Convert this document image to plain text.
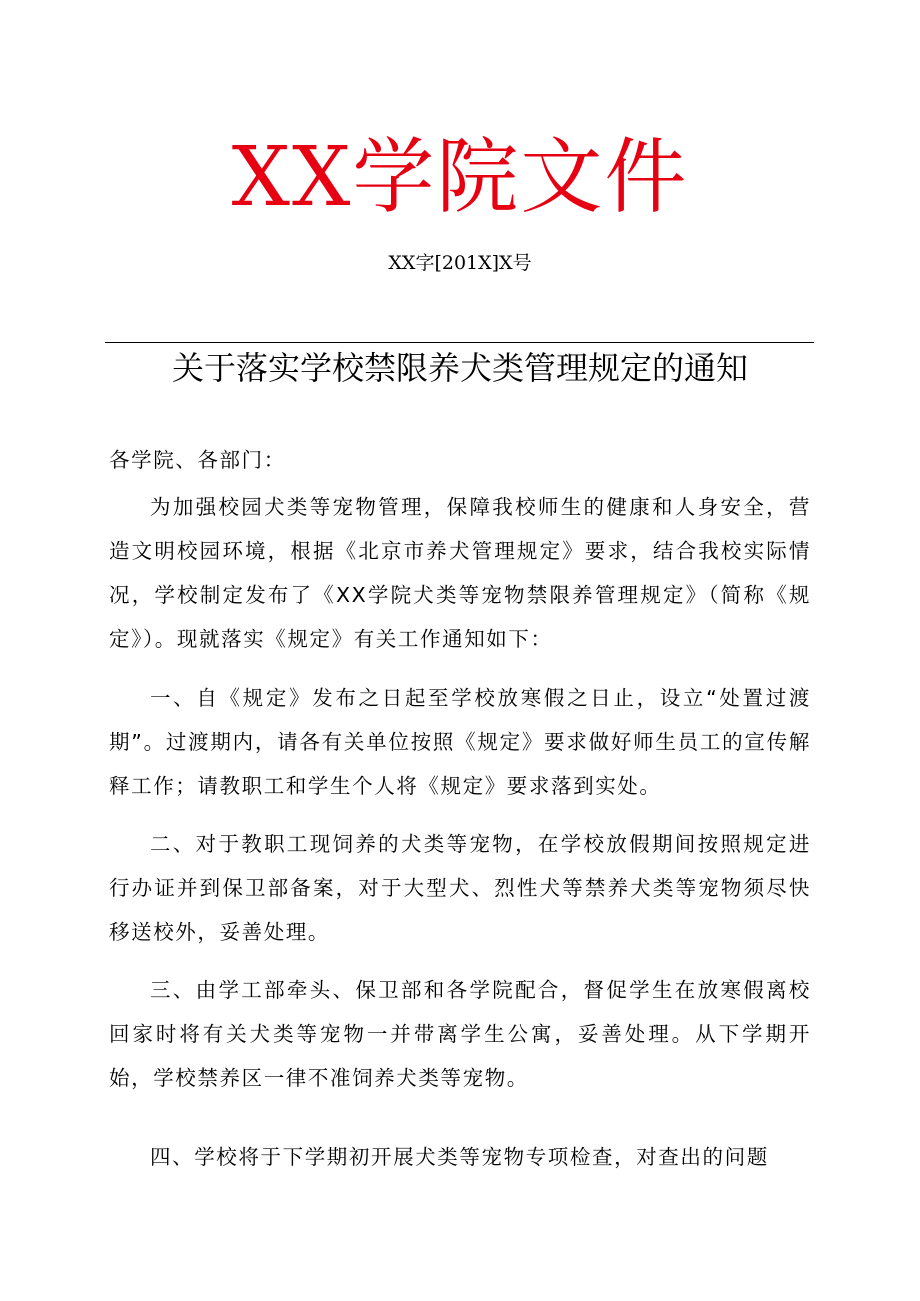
XX学院文件
XX字[201X]X号
关于落实学校禁限养犬类管理规定的通知

各学院、各部门：

为加强校园犬类等宠物管理，保障我校师生的健康和人身安全，营造文明校园环境，根据《北京市养犬管理规定》要求，结合我校实际情况，学校制定发布了《XX学院犬类等宠物禁限养管理规定》（简称《规定》）。现就落实《规定》有关工作通知如下：

一、自《规定》发布之日起至学校放寒假之日止，设立“处置过渡期”。过渡期内，请各有关单位按照《规定》要求做好师生员工的宣传解释工作；请教职工和学生个人将《规定》要求落到实处。

二、对于教职工现饲养的犬类等宠物，在学校放假期间按照规定进行办证并到保卫部备案，对于大型犬、烈性犬等禁养犬类等宠物须尽快移送校外，妥善处理。

三、由学工部牵头、保卫部和各学院配合，督促学生在放寒假离校回家时将有关犬类等宠物一并带离学生公寓，妥善处理。从下学期开始，学校禁养区一律不准饲养犬类等宠物。

四、学校将于下学期初开展犬类等宠物专项检查，对查出的问题
